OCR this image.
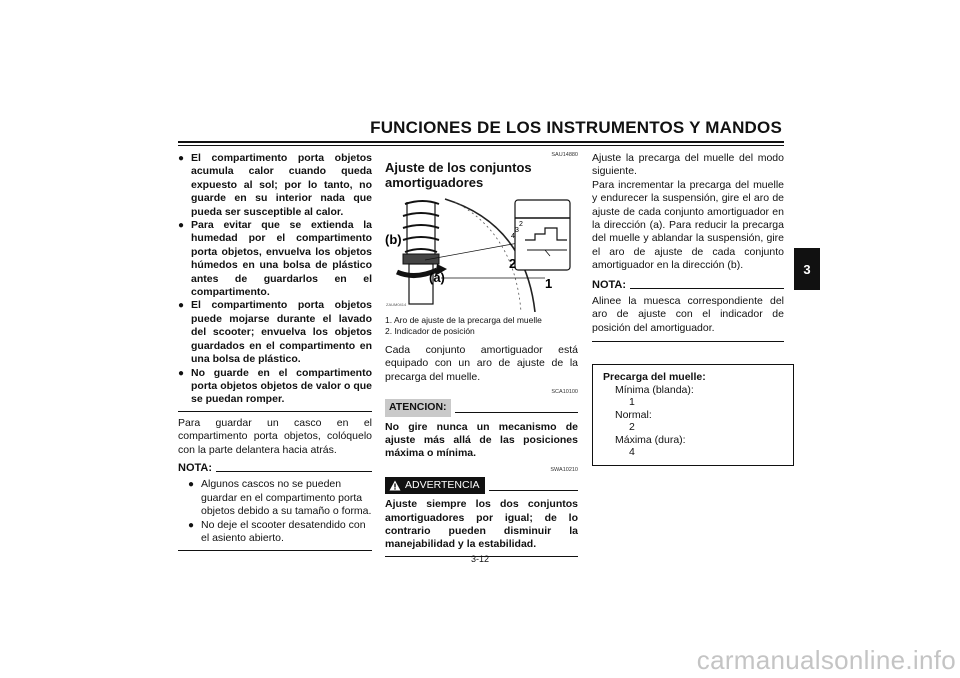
FUNCIONES DE LOS INSTRUMENTOS Y MANDOS
3
● El compartimento porta objetos acumula calor cuando queda expuesto al sol; por lo tanto, no guarde en su interior nada que pueda ser susceptible al calor.
● Para evitar que se extienda la humedad por el compartimento porta objetos, envuelva los objetos húmedos en una bolsa de plástico antes de guardarlos en el compartimento.
● El compartimento porta objetos puede mojarse durante el lavado del scooter; envuelva los objetos guardados en el compartimento en una bolsa de plástico.
● No guarde en el compartimento porta objetos objetos de valor o que se puedan romper.

Para guardar un casco en el compartimento porta objetos, colóquelo con la parte delantera hacia atrás.

NOTA:
● Algunos cascos no se pueden guardar en el compartimento porta objetos debido a su tamaño o forma.
● No deje el scooter desatendido con el asiento abierto.

SAU14880

Ajuste de los conjuntos amortiguadores
4
3
2
2
1
(b)
(a)
ZAUM0414

1. Aro de ajuste de la precarga del muelle

2. Indicador de posición

Cada conjunto amortiguador está equipado con un aro de ajuste de la precarga del muelle.

SCA10100

ATENCION:

No gire nunca un mecanismo de ajuste más allá de las posiciones máxima o mínima.

SWA10210

ADVERTENCIA

Ajuste siempre los dos conjuntos amortiguadores por igual; de lo contrario pueden disminuir la manejabilidad y la estabilidad.

Ajuste la precarga del muelle del modo siguiente.

Para incrementar la precarga del muelle y endurecer la suspensión, gire el aro de ajuste de cada conjunto amortiguador en la dirección (a). Para reducir la precarga del muelle y ablandar la suspensión, gire el aro de ajuste de cada conjunto amortiguador en la dirección (b).

NOTA:

Alinee la muesca correspondiente del aro de ajuste con el indicador de posición del amortiguador.

Precarga del muelle:
Mínima (blanda):
1
Normal:
2
Máxima (dura):
4
3-12
carmanualsonline.info
